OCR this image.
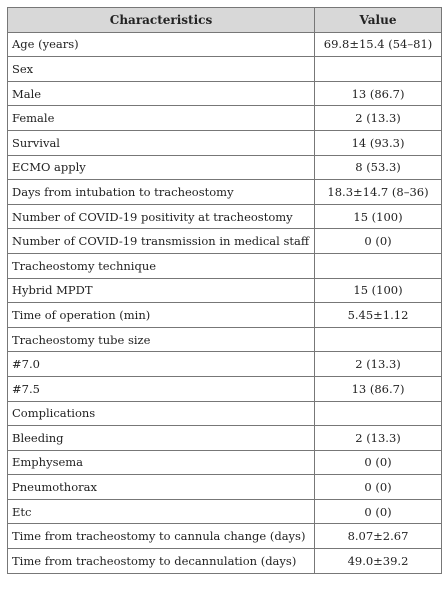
Characteristics	Value
Age (years)	69.8±15.4 (54–81)
Sex	
Male	13 (86.7)
Female	2 (13.3)
Survival	14 (93.3)
ECMO apply	8 (53.3)
Days from intubation to tracheostomy	18.3±14.7 (8–36)
Number of COVID-19 positivity at tracheostomy	15 (100)
Number of COVID-19 transmission in medical staff	0 (0)
Tracheostomy technique	
Hybrid MPDT	15 (100)
Time of operation (min)	5.45±1.12
Tracheostomy tube size	
#7.0	2 (13.3)
#7.5	13 (86.7)
Complications	
Bleeding	2 (13.3)
Emphysema	0 (0)
Pneumothorax	0 (0)
Etc	0 (0)
Time from tracheostomy to cannula change (days)	8.07±2.67
Time from tracheostomy to decannulation (days)	49.0±39.2
